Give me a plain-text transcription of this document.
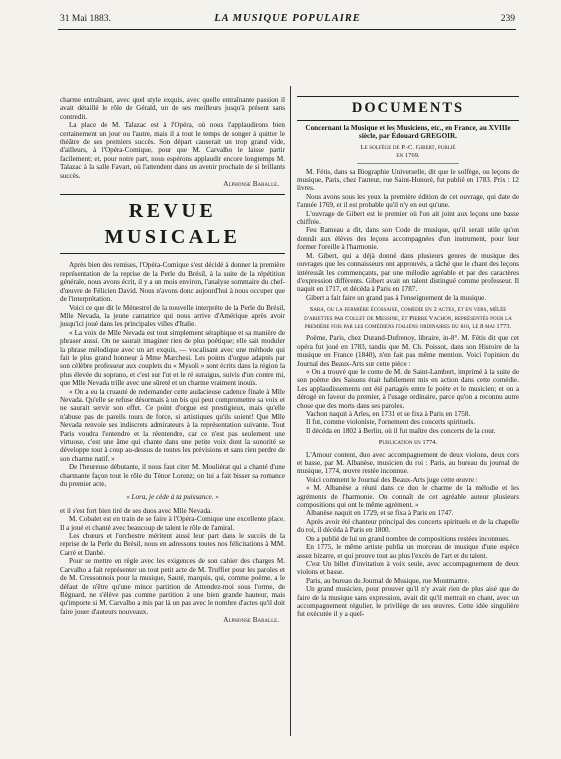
31 Mai 1883.	LA MUSIQUE POPULAIRE	239

charme entraînant, avec quel style exquis, avec quelle entraînante passion il avait détaillé le rôle de Gérald, un de ses meilleurs jusqu'à présent sans contredit.

La place de M. Talazac est à l'Opéra, où nous l'applaudirons bien certainement un jour ou l'autre, mais il a tout le temps de songer à quitter le théâtre de ses premiers succès. Son départ causerait un trop grand vide, d'ailleurs, à l'Opéra-Comique, pour que M. Carvalho le laisse partir facilement; et, pour notre part, nous espérons applaudir encore longtemps M. Talazac à la salle Favart, où l'attendent dans un avenir prochain de si brillants succès.

Alphonse Baralle.

REVUE MUSICALE

Après bien des remises, l'Opéra-Comique s'est décidé à donner la première représentation de la reprise de la Perle du Brésil, à la suite de la répétition générale, nous avons écrit, il y a un mois environ, l'analyse sommaire du chef-d'œuvre de Félicien David. Nous n'avons donc aujourd'hui à nous occuper que de l'interprétation.

Voici ce que dit le Ménestrel de la nouvelle interprète de la Perle du Brésil, Mlle Nevada, la jeune cantatrice qui nous arrive d'Amérique après avoir jusqu'ici joué dans les principales villes d'Italie.

« La voix de Mlle Nevada est tout simplement séraphique et sa manière de phraser aussi. On ne saurait imaginer rien de plus poétique; elle sait moduler la phrase mélodique avec un art exquis, — vocalisant avec une méthode qui fait le plus grand honneur à Mme Marchesi. Les points d'orgue adaptés par son célèbre professeur aux couplets du « Mysoli » sont écrits dans la région la plus élevée du soprano, et c'est sur l'ut et le ré suraigus, suivis d'un contre mi, que Mlle Nevada trille avec une sûreté et un charme vraiment inouïs.

« On a eu la cruauté de redemander cette audacieuse cadence finale à Mlle Nevada. Qu'elle se refuse désormais à un bis qui peut compromettre sa voix et ne saurait servir son effet. Ce point d'orgue est prestigieux, mais qu'elle n'abuse pas de pareils tours de force, si artistiques qu'ils soient! Que Mlle Nevada renvoie ses indiscrets admirateurs à la représentation suivante. Tout Paris voudra l'entendre et la réentendre, car ce n'est pas seulement une virtuose, c'est une âme qui chante dans une petite voix dont la sonorité se développe tout à coup au-dessus de toutes les prévisions et sans rien perdre de son charme natif. »

De l'heureuse débutante, il nous faut citer M. Mouliérat qui a chanté d'une charmante façon tout le rôle du Ténor Lorenz; on lui a fait bisser sa romance du premier acte,

« Lora, je cède à ta puissance. »

et il s'est fort bien tiré de ses duos avec Mlle Nevada.

M. Cobalet est en train de se faire à l'Opéra-Comique une excellente place. Il a joué et chanté avec beaucoup de talent le rôle de l'amiral.

Les chœurs et l'orchestre méritent aussi leur part dans le succès de la reprise de la Perle du Brésil, nous en adressons toutes nos félicitations à MM. Carré et Danbé.

Pour se mettre en règle avec les exigences de son cahier des charges M. Carvalho a fait représenter un tout petit acte de M. Truffier pour les paroles et de M. Cressonnois pour la musique, Sauté, marquis, qui, comme poème, a le défaut de n'être qu'une mince partition de Attendez-moi sous l'orme, de Régnard, ne s'élève pas comme partition à une bien grande hauteur, mais qu'importe si M. Carvalho a mis par là un pas avec le nombre d'actes qu'il doit faire jouer d'auteurs nouveaux.

Alphonse Baralle.

DOCUMENTS

Concernant la Musique et les Musiciens, etc., en France, au XVIIIe siècle, par Édouard GREGOIR.

Le solfège de P.-C. Gibert, publié en 1769.

M. Fétis, dans sa Biographie Universelle, dit que le solfège, ou leçons de musique, Paris, chez l'auteur, rue Saint-Honoré, fut publié en 1783. Prix : 12 livres.

Nous avons sous les yeux la première édition de cet ouvrage, qui date de l'année 1769, et il est probable qu'il n'y en eut qu'une.

L'ouvrage de Gibert est le premier où l'on ait joint aux leçons une basse chiffrée.

Feu Rameau a dit, dans son Code de musique, qu'il serait utile qu'on donnât aux élèves des leçons accompagnées d'un instrument, pour leur former l'oreille à l'harmonie.

M. Gibert, qui a déjà donné dans plusieurs genres de musique des ouvrages que les connaisseurs ont approuvés, a tâché que le chant des leçons intéressât les commençants, par une mélodie agréable et par des caractères d'expression différents. Gibert avait un talent distingué comme professeur. Il naquit en 1717, et décéda à Paris en 1787.

Gibert a fait faire un grand pas à l'enseignement de la musique.

Sara, ou la fermière écossaise, comédie en 2 actes, et en vers, mêlée d'ariettes par Collet de Messine, et Pierre Vachon, représentés pour la première fois par les comédiens italiens ordinaires du roi, le 8 mai 1773.

Poème, Paris, chez Durand-Dufrenoy, libraire, in-8°. M. Fétis dit que cet opéra fut joué en 1783, tandis que M. Ch. Poissot, dans son Histoire de la musique en France (1840), n'en fait pas même mention. Voici l'opinion du Journal des Beaux-Arts sur cette pièce :

« On a trouvé que le conte de M. de Saint-Lambert, imprimé à la suite de son poème des Saisons était habilement mis en action dans cette comédie. Les applaudissements ont été partagés entre le poète et le musicien; et on a dérogé en faveur du premier, à l'usage ordinaire, parce qu'on a reconnu autre chose que des morts dans ses paroles.

Vachon naquit à Arles, en 1731 et se fixa à Paris en 1758.

Il fut, comme violoniste, l'ornement des concerts spirituels.

Il décéda en 1802 à Berlin, où il fut maître des concerts de la cour.

Publication en 1774.

L'Amour content, duo avec accompagnement de deux violons, deux cors et basse, par M. Albanèse, musicien du roi : Paris, au bureau du journal de musique, 1774, œuvre restée inconnue.

Voici comment le Journal des Beaux-Arts juge cette œuvre :

« M. Albanèse a réuni dans ce duo le charme de la mélodie et les agréments de l'harmonie. On connaît de cet agréable auteur plusieurs compositions qui ont le même agrément. »

Albanèse naquit en 1729, et se fixa à Paris en 1747.

Après avoir été chanteur principal des concerts spirituels et de la chapelle du roi, il décéda à Paris en 1800.

On a publié de lui un grand nombre de compositions restées inconnues.

En 1775, le même artiste publia un morceau de musique d'une espèce assez bizarre, et qui prouve tout au plus l'excès de l'art et du talent.

C'est Un billet d'invitation à voix seule, avec accompagnement de deux violons et basse.

Paris, au bureau du Journal de Musique, rue Montmartre.

Un grand musicien, pour prouver qu'il n'y avait rien de plus aisé que de faire de la musique sans expression, avait dit qu'il mettrait en chant, avec un accompagnement régulier, le privilège de ses œuvres. Cette idée singulière fut exécutée il y a quel-
